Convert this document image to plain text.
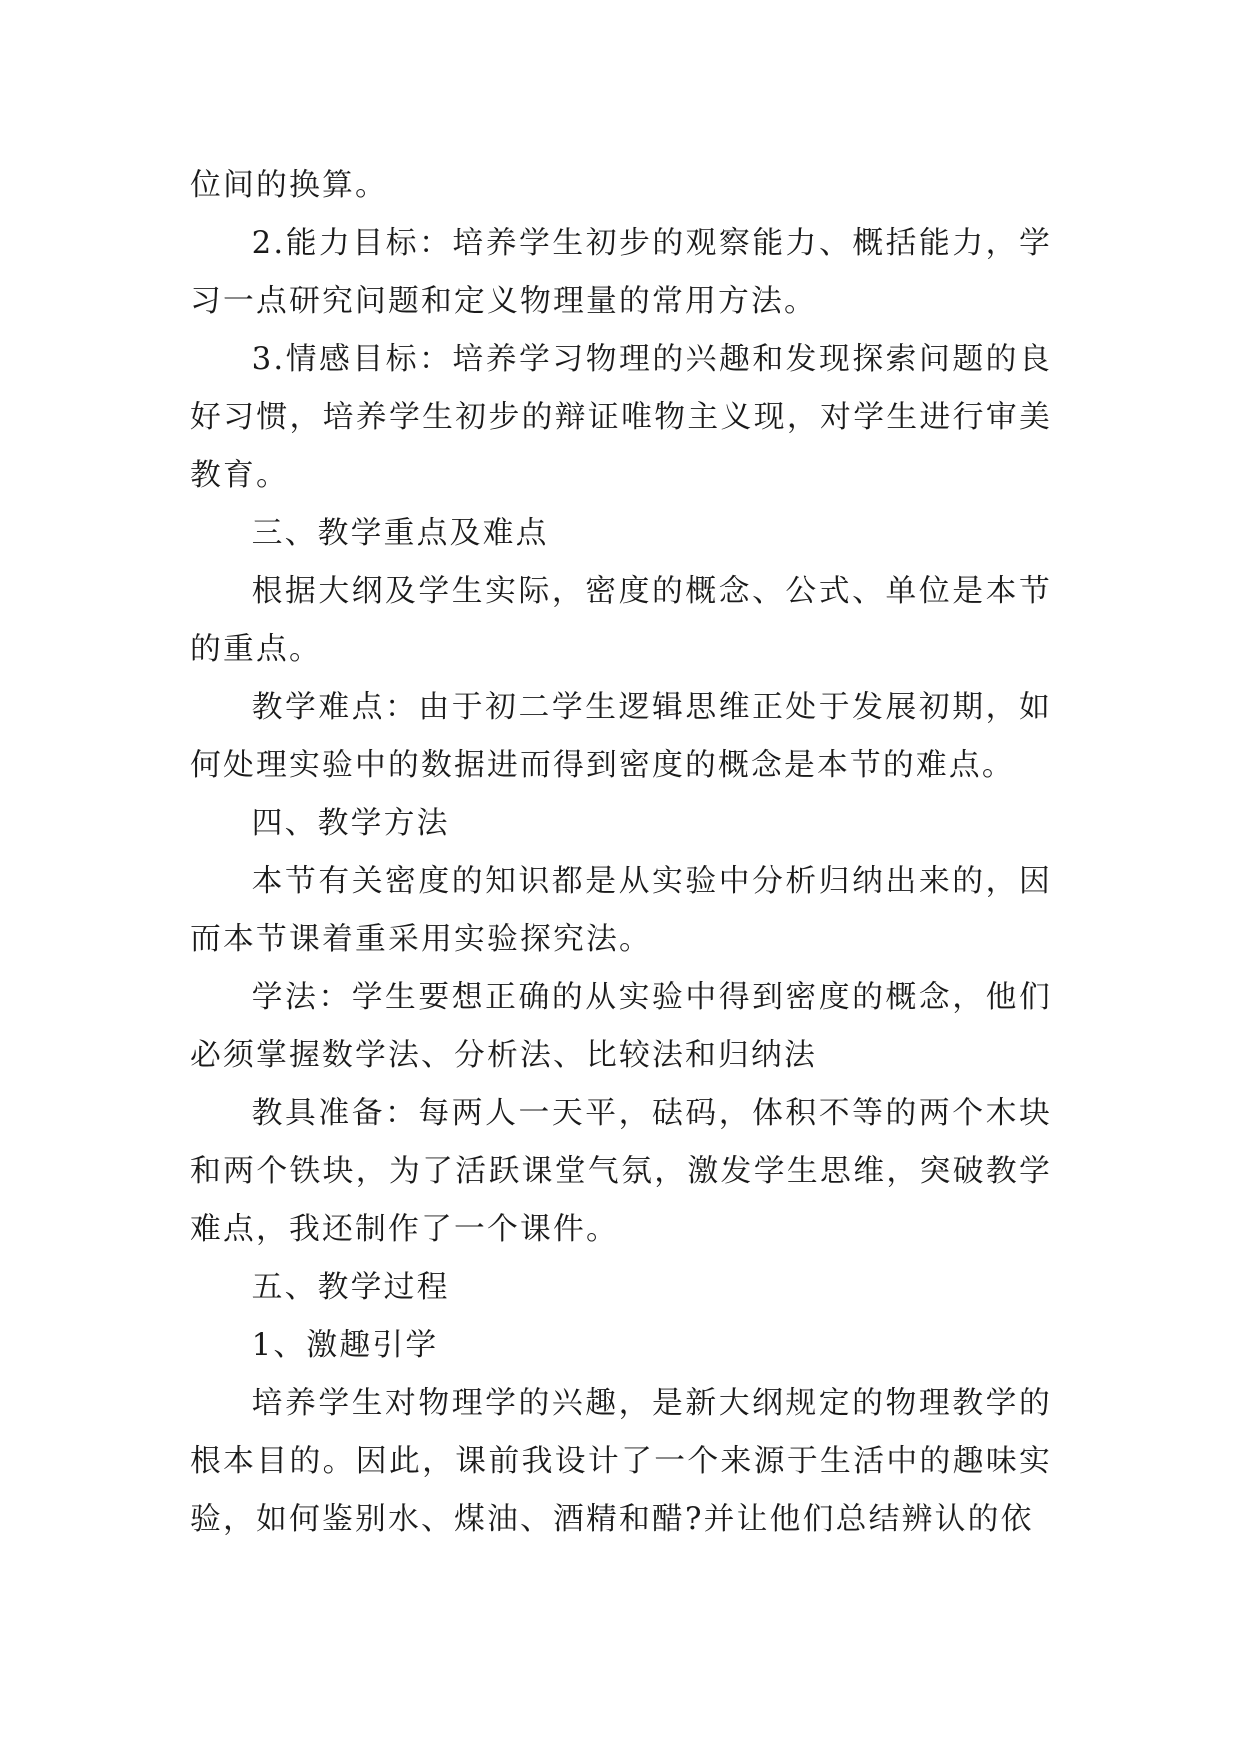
位间的换算。

2.能力目标：培养学生初步的观察能力、概括能力，学习一点研究问题和定义物理量的常用方法。

3.情感目标：培养学习物理的兴趣和发现探索问题的良好习惯，培养学生初步的辩证唯物主义现，对学生进行审美教育。

三、教学重点及难点

根据大纲及学生实际，密度的概念、公式、单位是本节的重点。

教学难点：由于初二学生逻辑思维正处于发展初期，如何处理实验中的数据进而得到密度的概念是本节的难点。

四、教学方法

本节有关密度的知识都是从实验中分析归纳出来的，因而本节课着重采用实验探究法。

学法：学生要想正确的从实验中得到密度的概念，他们必须掌握数学法、分析法、比较法和归纳法

教具准备：每两人一天平，砝码，体积不等的两个木块和两个铁块，为了活跃课堂气氛，激发学生思维，突破教学难点，我还制作了一个课件。

五、教学过程

1、激趣引学

培养学生对物理学的兴趣，是新大纲规定的物理教学的根本目的。因此，课前我设计了一个来源于生活中的趣味实验，如何鉴别水、煤油、酒精和醋?并让他们总结辨认的依
